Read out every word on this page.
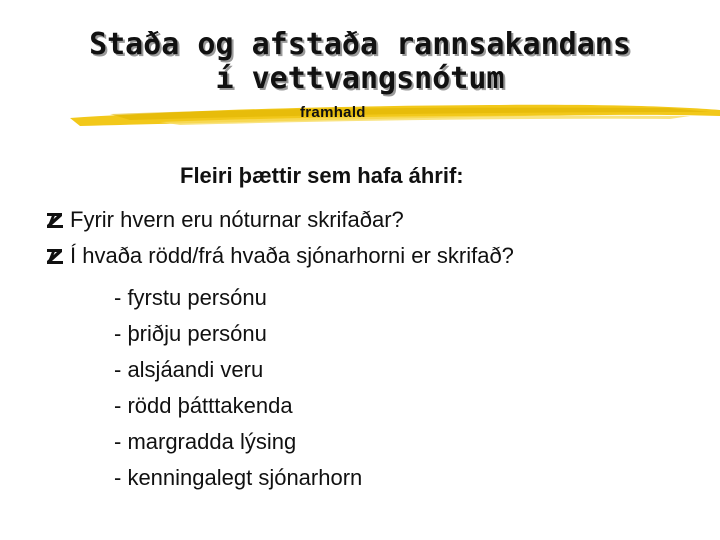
Staða og afstaða rannsakandans
í vettvangsnótum
framhald
Fleiri þættir sem hafa áhrif:
Fyrir hvern eru nóturnar skrifaðar?
Í hvaða rödd/frá hvaða sjónarhorni er skrifað?
- fyrstu persónu
- þriðju persónu
- alsjáandi veru
- rödd þátttakenda
- margradda lýsing
- kenningalegt sjónarhorn
